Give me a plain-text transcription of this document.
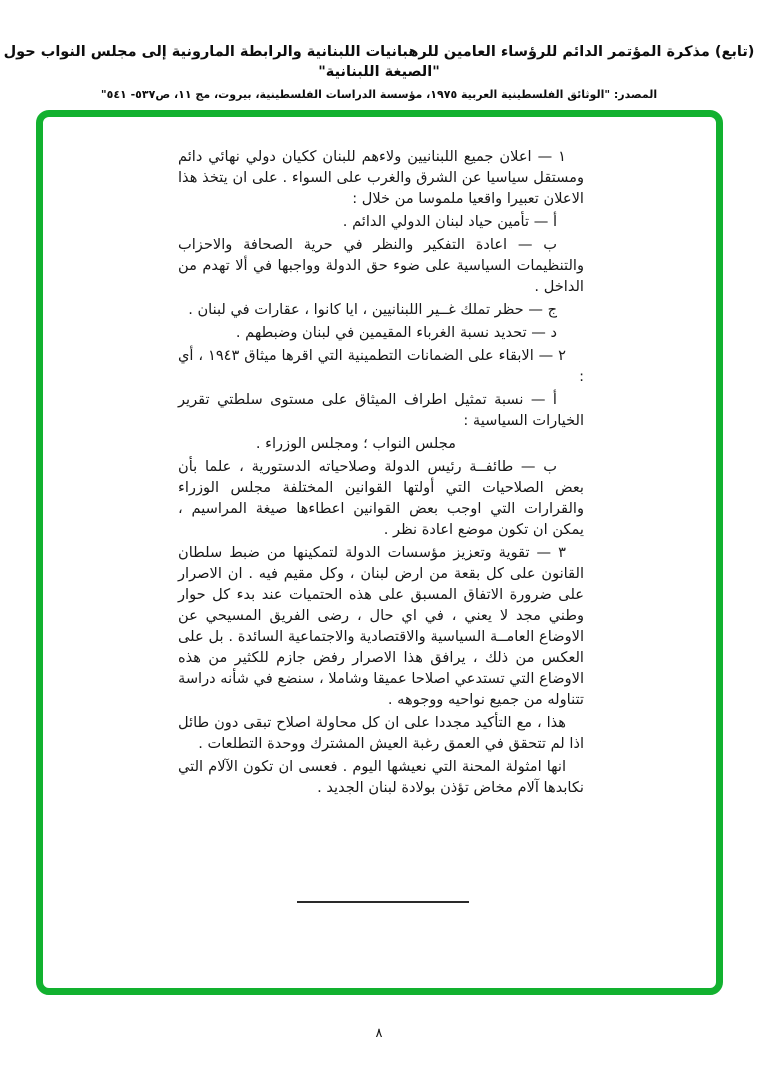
(تابع) مذكرة المؤتمر الدائم للرؤساء العامين للرهبانيات اللبنانية والرابطة المارونية إلى مجلس النواب حول "الصيغة اللبنانية"
المصدر: "الوثائق الفلسطينية العربية ١٩٧٥، مؤسسة الدراسات الفلسطينية، بيروت، مج ١١، ص٥٣٧- ٥٤١"

١ — اعلان جميع اللبنانيين ولاءهم للبنان ككيان دولي نهائي دائم ومستقل سياسيا عن الشرق والغرب على السواء . على ان يتخذ هذا الاعلان تعبيرا واقعيا ملموسا من خلال :

أ — تأمين حياد لبنان الدولي الدائم .

ب — اعادة التفكير والنظر في حرية الصحافة والاحزاب والتنظيمات السياسية على ضوء حق الدولة وواجبها في ألا تهدم من الداخل .

ج — حظر تملك غــير اللبنانيين ، ايا كانوا ، عقارات في لبنان .

د — تحديد نسبة الغرباء المقيمين في لبنان وضبطهم .

٢ — الابقاء على الضمانات التطمينية التي اقرها ميثاق ١٩٤٣ ، أي :

أ — نسبة تمثيل اطراف الميثاق على مستوى سلطتي تقرير الخيارات السياسية :

مجلس النواب ؛ ومجلس الوزراء .

ب — طائفــة رئيس الدولة وصلاحياته الدستورية ، علما بأن بعض الصلاحيات التي أولتها القوانين المختلفة مجلس الوزراء والقرارات التي اوجب بعض القوانين اعطاءها صيغة المراسيم ، يمكن ان تكون موضع اعادة نظر .

٣ — تقوية وتعزيز مؤسسات الدولة لتمكينها من ضبط سلطان القانون على كل بقعة من ارض لبنان ، وكل مقيم فيه . ان الاصرار على ضرورة الاتفاق المسبق على هذه الحتميات عند بدء كل حوار وطني مجد لا يعني ، في اي حال ، رضى الفريق المسيحي عن الاوضاع العامــة السياسية والاقتصادية والاجتماعية السائدة . بل على العكس من ذلك ، يرافق هذا الاصرار رفض جازم للكثير من هذه الاوضاع التي تستدعي اصلاحا عميقا وشاملا ، سنضع في شأنه دراسة تتناوله من جميع نواحيه ووجوهه .

هذا ، مع التأكيد مجددا على ان كل محاولة اصلاح تبقى دون طائل اذا لم تتحقق في العمق رغبة العيش المشترك ووحدة التطلعات .

انها امثولة المحنة التي نعيشها اليوم . فعسى ان تكون الآلام التي نكابدها آلام مخاض تؤذن بولادة لبنان الجديد .

٨
